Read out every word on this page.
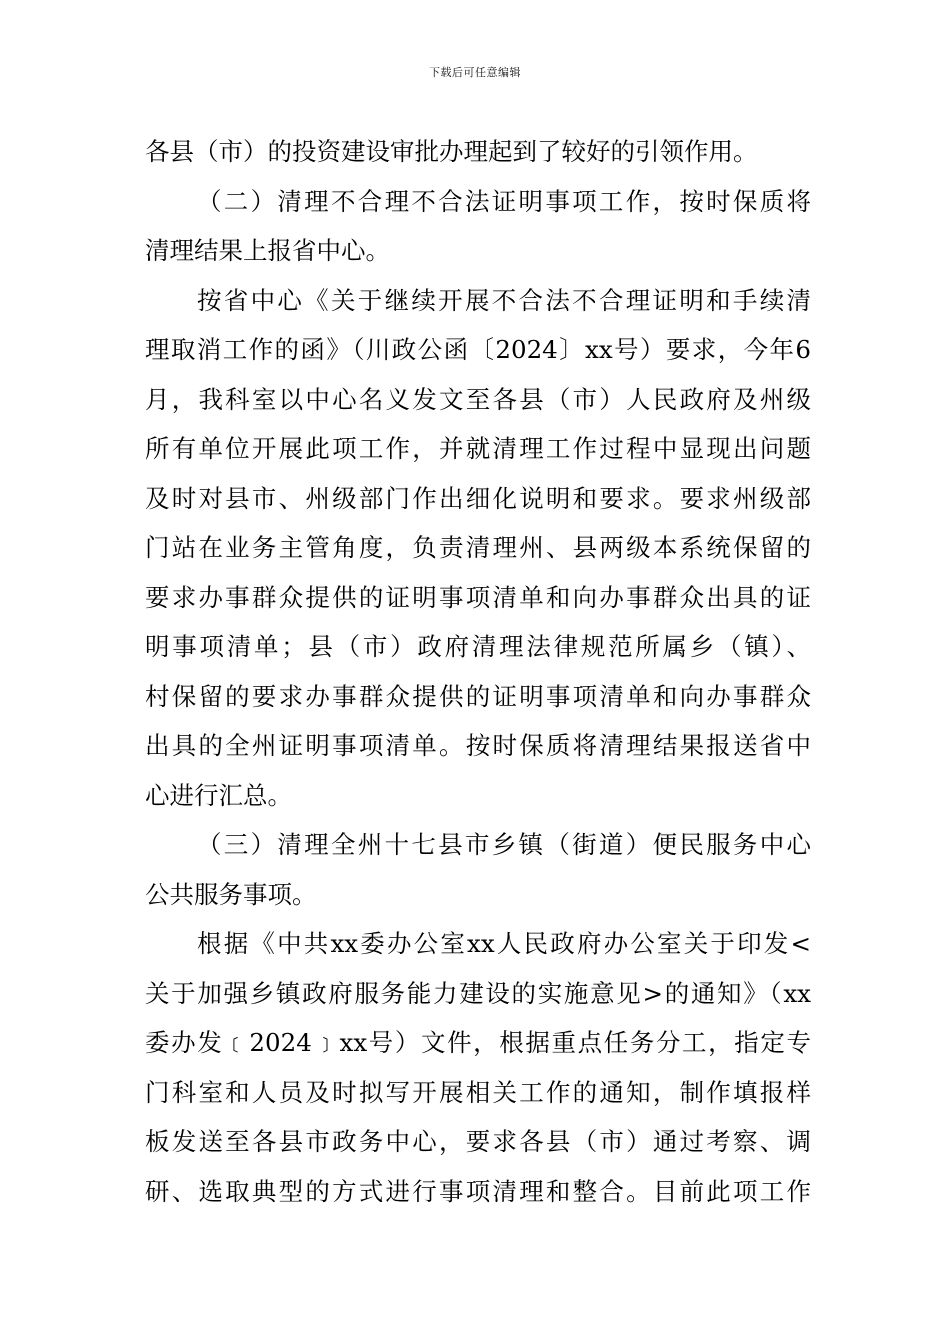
下载后可任意编辑
各县（市）的投资建设审批办理起到了较好的引领作用。
（二）清理不合理不合法证明事项工作，按时保质将
清理结果上报省中心。
按省中心《关于继续开展不合法不合理证明和手续清
理取消工作的函》（川政公函〔2024〕xx号）要求，今年6
月，我科室以中心名义发文至各县（市）人民政府及州级
所有单位开展此项工作，并就清理工作过程中显现出问题
及时对县市、州级部门作出细化说明和要求。要求州级部
门站在业务主管角度，负责清理州、县两级本系统保留的
要求办事群众提供的证明事项清单和向办事群众出具的证
明事项清单；县（市）政府清理法律规范所属乡（镇）、
村保留的要求办事群众提供的证明事项清单和向办事群众
出具的全州证明事项清单。按时保质将清理结果报送省中
心进行汇总。
（三）清理全州十七县市乡镇（街道）便民服务中心
公共服务事项。
根据《中共xx委办公室xx人民政府办公室关于印发<
关于加强乡镇政府服务能力建设的实施意见>的通知》（xx
委办发﹝2024﹞xx号）文件，根据重点任务分工，指定专
门科室和人员及时拟写开展相关工作的通知，制作填报样
板发送至各县市政务中心，要求各县（市）通过考察、调
研、选取典型的方式进行事项清理和整合。目前此项工作
